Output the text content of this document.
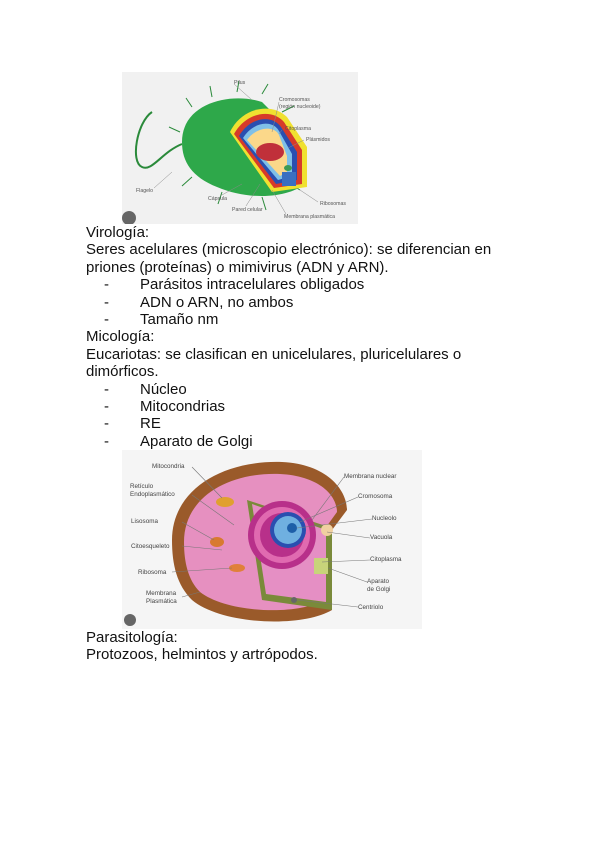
Pilus
Cromosomas
(región nucleoide)
Citoplasma
Plásmidos
Flagelo
Cápsula
Pared celular
Ribosomas
Membrana plasmática
Virología:
Seres acelulares (microscopio electrónico): se diferencian en
priones (proteínas) o mimivirus (ADN y ARN).
- Parásitos intracelulares obligados
- ADN o ARN, no ambos
- Tamaño nm
Micología:
Eucariotas: se clasifican en unicelulares, pluricelulares o
dimórficos.
- Núcleo
- Mitocondrias
- RE
- Aparato de Golgi
Mitocondria
Retículo
Endoplasmático
Lisosoma
Citoesqueleto
Ribosoma
Membrana
Plasmática
Membrana nuclear
Cromosoma
Nucleolo
Vacuola
Citoplasma
Aparato
de Golgi
Centriolo
Parasitología:
Protozoos, helmintos y artrópodos.
